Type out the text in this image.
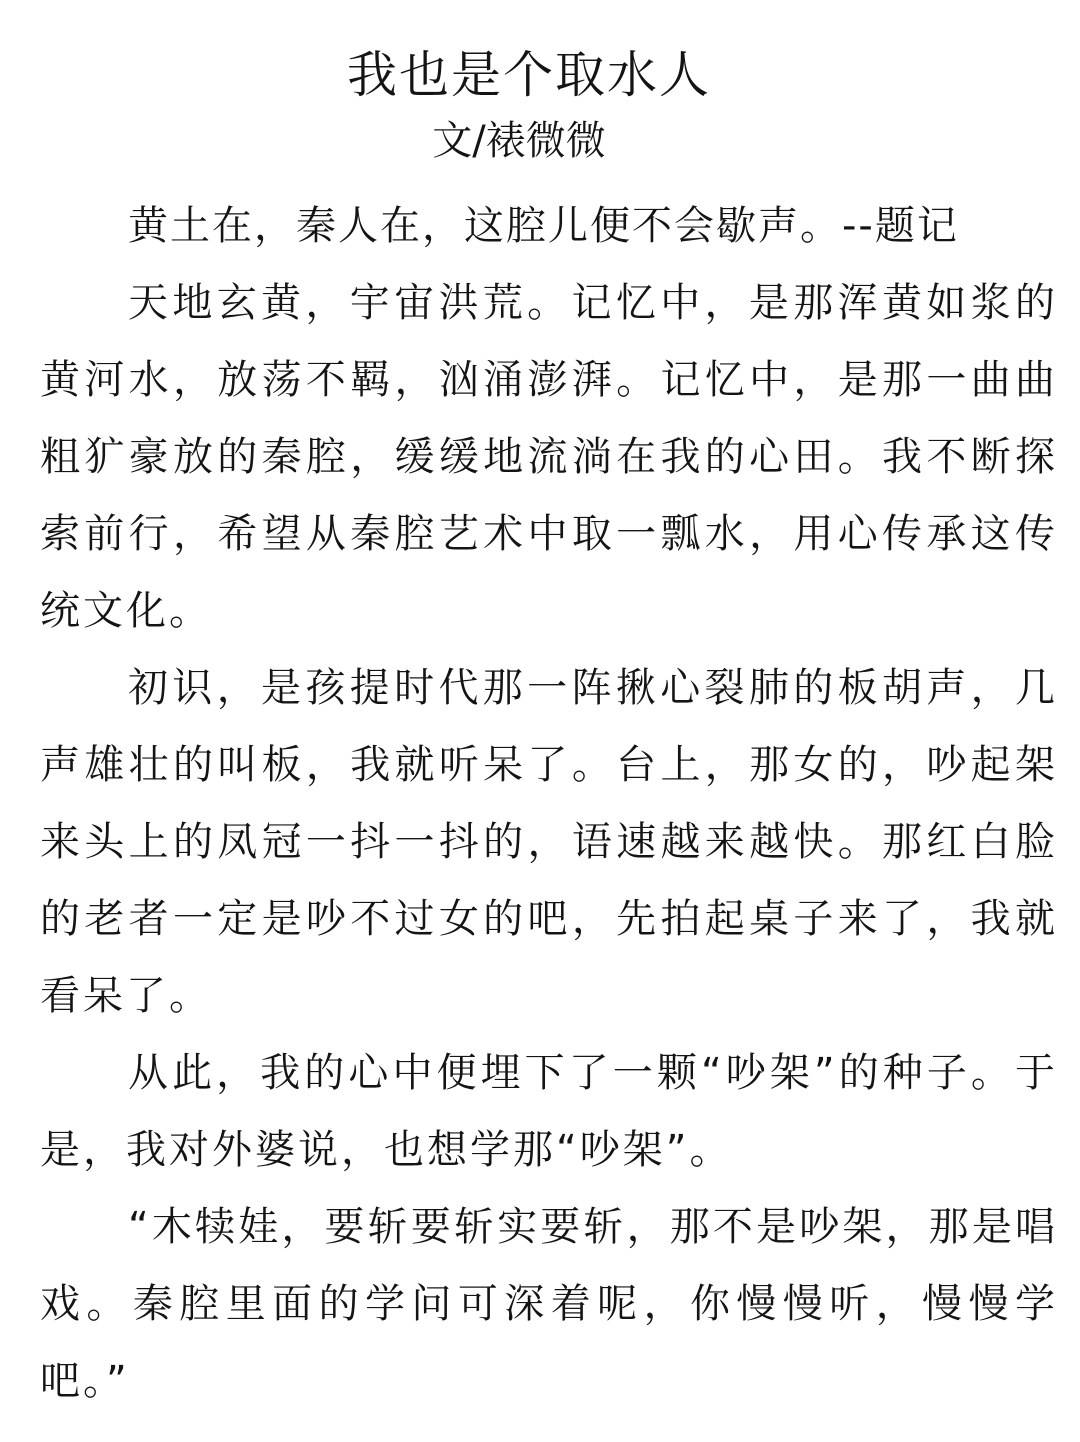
我也是个取水人
文/裱微微

黄土在，秦人在，这腔儿便不会歇声。--题记

天地玄黄，宇宙洪荒。记忆中，是那浑黄如浆的黄河水，放荡不羁，汹涌澎湃。记忆中，是那一曲曲粗犷豪放的秦腔，缓缓地流淌在我的心田。我不断探索前行，希望从秦腔艺术中取一瓢水，用心传承这传统文化。

初识，是孩提时代那一阵揪心裂肺的板胡声，几声雄壮的叫板，我就听呆了。台上，那女的，吵起架来头上的凤冠一抖一抖的，语速越来越快。那红白脸的老者一定是吵不过女的吧，先拍起桌子来了，我就看呆了。

从此，我的心中便埋下了一颗“吵架”的种子。于是，我对外婆说，也想学那“吵架”。

“木犊娃，要斩要斩实要斩，那不是吵架，那是唱戏。秦腔里面的学问可深着呢，你慢慢听，慢慢学吧。”
